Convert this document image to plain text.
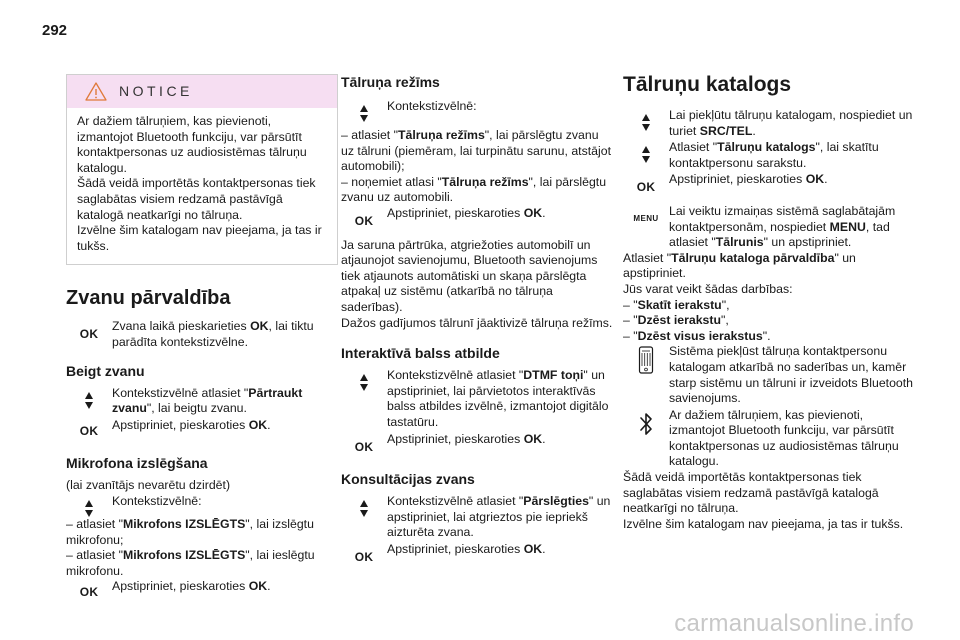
292
NOTICE

Ar dažiem tālruņiem, kas pievienoti, izmantojot Bluetooth funkciju, var pārsūtīt kontaktpersonas uz audiosistēmas tālruņu katalogu.

Šādā veidā importētās kontaktpersonas tiek saglabātas visiem redzamā pastāvīgā katalogā neatkarīgi no tālruņa.

Izvēlne šim katalogam nav pieejama, ja tas ir tukšs.

Zvanu pārvaldība
OK

Zvana laikā pieskarieties OK, lai tiktu parādīta kontekstizvēlne.

Beigt zvanu

Kontekstizvēlnē atlasiet "Pārtraukt zvanu", lai beigtu zvanu.

OK Apstipriniet, pieskaroties OK.

Mikrofona izslēgšana

(lai zvanītājs nevarētu dzirdēt)

Kontekstizvēlnē:

– atlasiet "Mikrofons IZSLĒGTS", lai izslēgtu mikrofonu;

– atlasiet "Mikrofons IZSLĒGTS", lai ieslēgtu mikrofonu.

OK Apstipriniet, pieskaroties OK.

Tālruņa režīms

Kontekstizvēlnē:

– atlasiet "Tālruņa režīms", lai pārslēgtu zvanu uz tālruni (piemēram, lai turpinātu sarunu, atstājot automobili);

– noņemiet atlasi "Tālruņa režīms", lai pārslēgtu zvanu uz automobili.

OK

Apstipriniet, pieskaroties OK.

Ja saruna pārtrūka, atgriežoties automobilī un atjaunojot savienojumu, Bluetooth savienojums tiek atjaunots automātiski un skaņa pārslēgta atpakaļ uz sistēmu (atkarībā no tālruņa saderības).

Dažos gadījumos tālrunī jāaktivizē tālruņa režīms.

Interaktīvā balss atbilde

Kontekstizvēlnē atlasiet "DTMF toņi" un apstipriniet, lai pārvietotos interaktīvās balss atbildes izvēlnē, izmantojot digitālo tastatūru.

OK

Apstipriniet, pieskaroties OK.

Konsultācijas zvans

Kontekstizvēlnē atlasiet "Pārslēgties" un apstipriniet, lai atgrieztos pie iepriekš aizturēta zvana.

OK

Apstipriniet, pieskaroties OK.

Tālruņu katalogs

Lai piekļūtu tālruņu katalogam, nospiediet un turiet SRC/TEL.

Atlasiet "Tālruņu katalogs", lai skatītu kontaktpersonu sarakstu.

OK

Apstipriniet, pieskaroties OK.

MENU

Lai veiktu izmaiņas sistēmā saglabātajām kontaktpersonām, nospiediet MENU, tad atlasiet "Tālrunis" un apstipriniet.

Atlasiet "Tālruņu kataloga pārvaldība" un apstipriniet.

Jūs varat veikt šādas darbības:

– "Skatīt ierakstu",

– "Dzēst ierakstu",

– "Dzēst visus ierakstus".

Sistēma piekļūst tālruņa kontaktpersonu katalogam atkarībā no saderības un, kamēr starp sistēmu un tālruni ir izveidots Bluetooth savienojums.

Ar dažiem tālruņiem, kas pievienoti, izmantojot Bluetooth funkciju, var pārsūtīt kontaktpersonas uz audiosistēmas tālruņu katalogu.

Šādā veidā importētās kontaktpersonas tiek saglabātas visiem redzamā pastāvīgā katalogā neatkarīgi no tālruņa.

Izvēlne šim katalogam nav pieejama, ja tas ir tukšs.

carmanualsonline.info
